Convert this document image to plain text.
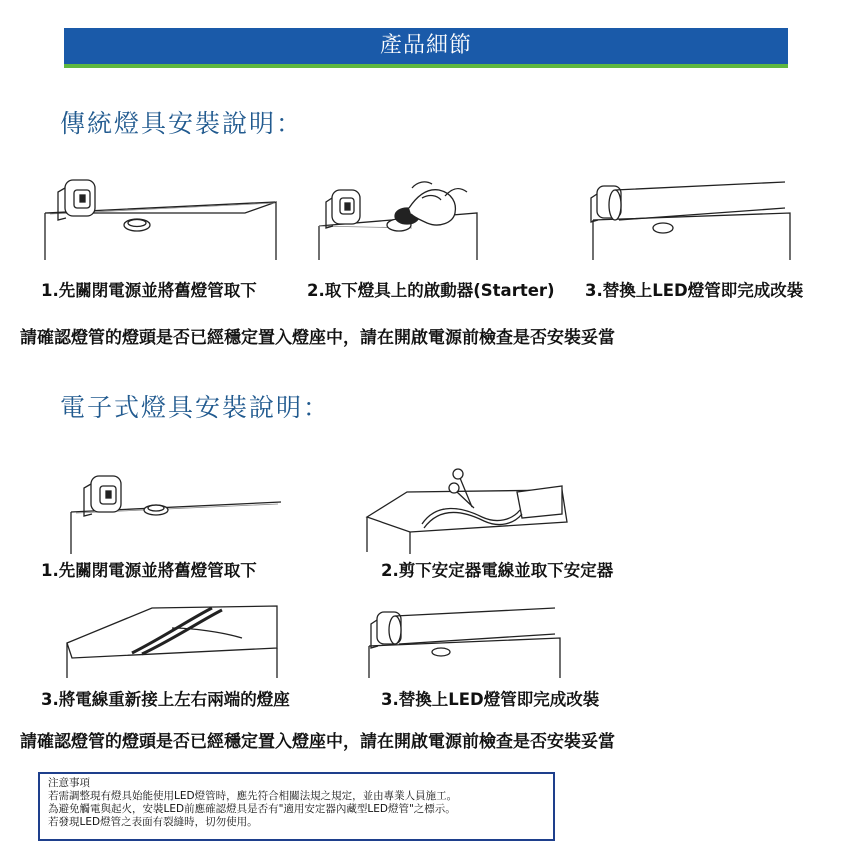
產品細節
傳統燈具安裝說明：
1.先關閉電源並將舊燈管取下	2.取下燈具上的啟動器(Starter) 3.替換上LED燈管即完成改裝
請確認燈管的燈頭是否已經穩定置入燈座中，請在開啟電源前檢查是否安裝妥當
電子式燈具安裝說明：
1.先關閉電源並將舊燈管取下	2.剪下安定器電線並取下安定器
3.將電線重新接上左右兩端的燈座	3.替換上LED燈管即完成改裝
請確認燈管的燈頭是否已經穩定置入燈座中，請在開啟電源前檢查是否安裝妥當
注意事項
若需調整現有燈具始能使用LED燈管時，應先符合相關法規之規定，並由專業人員施工。
為避免觸電與起火，安裝LED前應確認燈具是否有"適用安定器內藏型LED燈管"之標示。
若發現LED燈管之表面有裂縫時，切勿使用。
